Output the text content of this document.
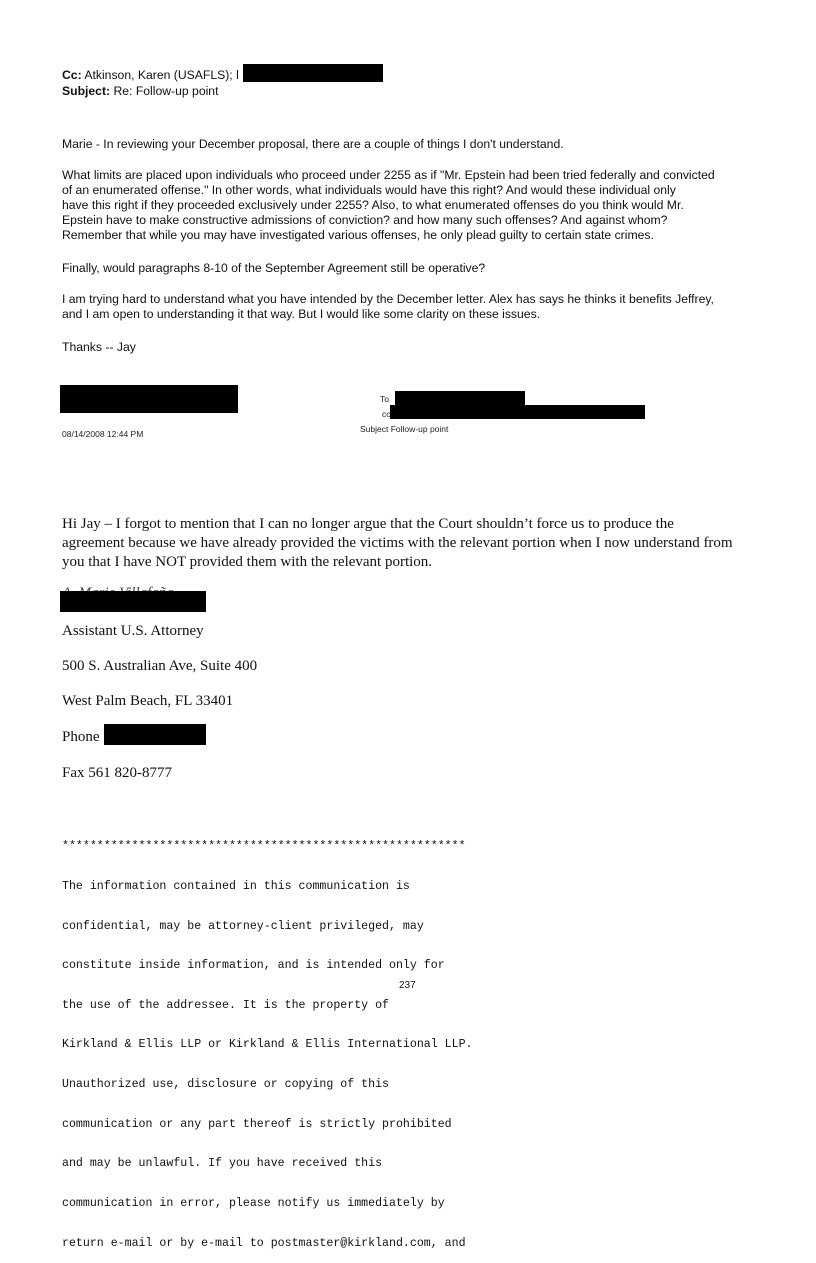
Cc: Atkinson, Karen (USAFLS); l
Subject: Re: Follow-up point
Marie - In reviewing your December proposal, there are a couple of things I don't understand.
What limits are placed upon individuals who proceed under 2255 as if "Mr. Epstein had been tried federally and convicted
of an enumerated offense." In other words, what individuals would have this right? And would these individual only
have this right if they proceeded exclusively under 2255? Also, to what enumerated offenses do you think would Mr.
Epstein have to make constructive admissions of conviction? and how many such offenses? And against whom?
Remember that while you may have investigated various offenses, he only plead guilty to certain state crimes.
Finally, would paragraphs 8-10 of the September Agreement still be operative?
I am trying hard to understand what you have intended by the December letter. Alex has says he thinks it benefits Jeffrey,
and I am open to understanding it that way. But I would like some clarity on these issues.
Thanks -- Jay
08/14/2008 12:44 PM
To
cc
Subject Follow-up point
Hi Jay – I forgot to mention that I can no longer argue that the Court shouldn’t force us to produce the
agreement because we have already provided the victims with the relevant portion when I now understand from
you that I have NOT provided them with the relevant portion.
Assistant U.S. Attorney
500 S. Australian Ave, Suite 400
West Palm Beach, FL 33401
Phone
Fax 561 820-8777

**********************************************************

The information contained in this communication is

confidential, may be attorney-client privileged, may

constitute inside information, and is intended only for

the use of the addressee. It is the property of

Kirkland & Ellis LLP or Kirkland & Ellis International LLP.

Unauthorized use, disclosure or copying of this

communication or any part thereof is strictly prohibited

and may be unlawful. If you have received this

communication in error, please notify us immediately by

return e-mail or by e-mail to postmaster@kirkland.com, and

237
